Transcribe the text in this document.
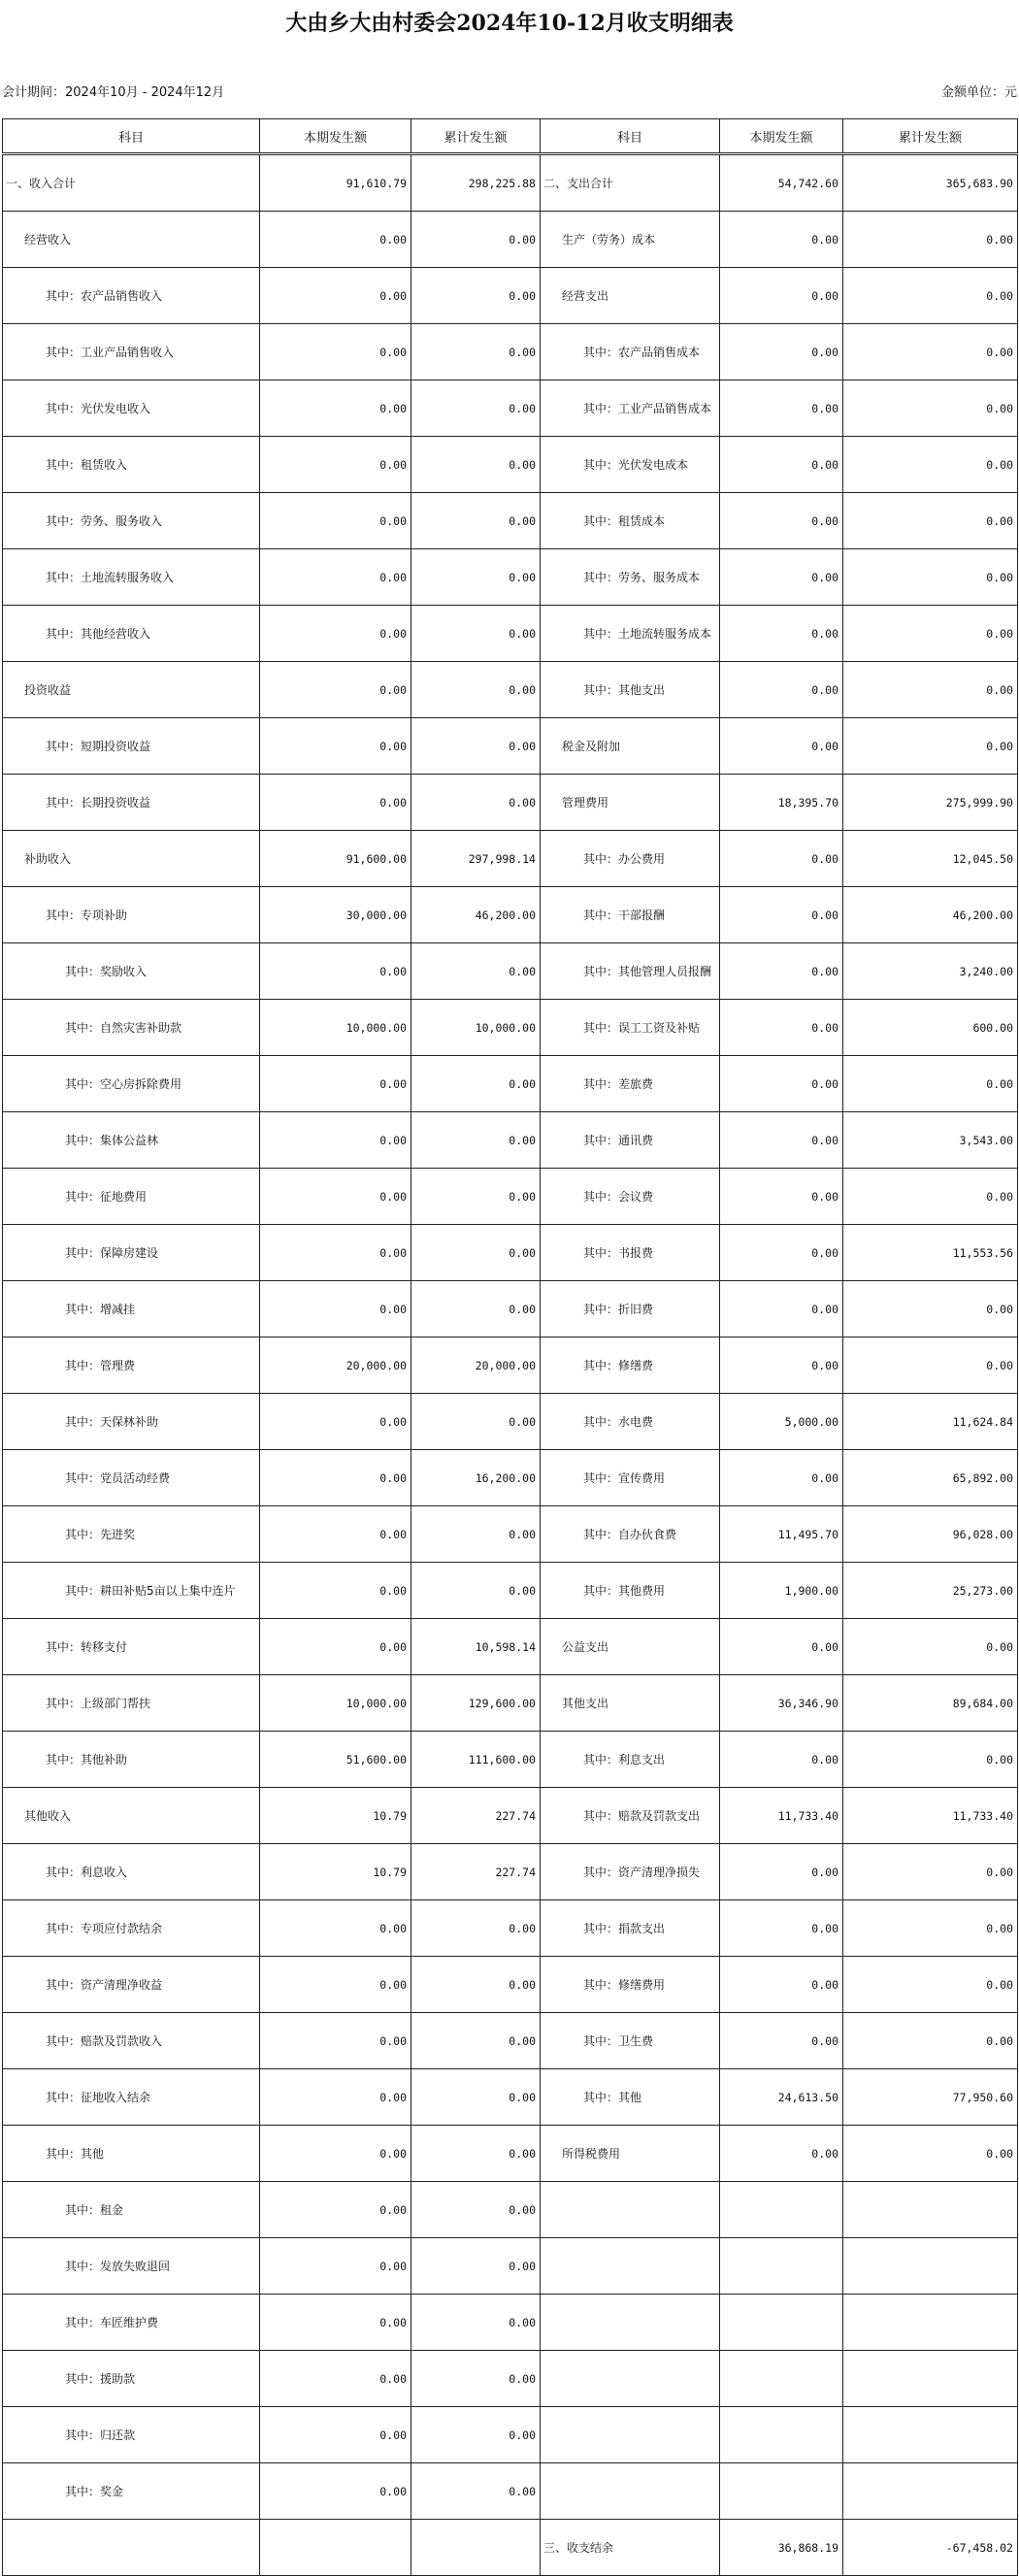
大由乡大由村委会2024年10-12月收支明细表
会计期间：2024年10月 - 2024年12月	金额单位：元
科目	本期发生额	累计发生额	科目	本期发生额	累计发生额
一、收入合计	91,610.79	298,225.88	二、支出合计	54,742.60	365,683.90
经营收入	0.00	0.00	生产（劳务）成本	0.00	0.00
其中：农产品销售收入	0.00	0.00	经营支出	0.00	0.00
其中：工业产品销售收入	0.00	0.00	其中：农产品销售成本	0.00	0.00
其中：光伏发电收入	0.00	0.00	其中：工业产品销售成本	0.00	0.00
其中：租赁收入	0.00	0.00	其中：光伏发电成本	0.00	0.00
其中：劳务、服务收入	0.00	0.00	其中：租赁成本	0.00	0.00
其中：土地流转服务收入	0.00	0.00	其中：劳务、服务成本	0.00	0.00
其中：其他经营收入	0.00	0.00	其中：土地流转服务成本	0.00	0.00
投资收益	0.00	0.00	其中：其他支出	0.00	0.00
其中：短期投资收益	0.00	0.00	税金及附加	0.00	0.00
其中：长期投资收益	0.00	0.00	管理费用	18,395.70	275,999.90
补助收入	91,600.00	297,998.14	其中：办公费用	0.00	12,045.50
其中：专项补助	30,000.00	46,200.00	其中：干部报酬	0.00	46,200.00
其中：奖励收入	0.00	0.00	其中：其他管理人员报酬	0.00	3,240.00
其中：自然灾害补助款	10,000.00	10,000.00	其中：误工工资及补贴	0.00	600.00
其中：空心房拆除费用	0.00	0.00	其中：差旅费	0.00	0.00
其中：集体公益林	0.00	0.00	其中：通讯费	0.00	3,543.00
其中：征地费用	0.00	0.00	其中：会议费	0.00	0.00
其中：保障房建设	0.00	0.00	其中：书报费	0.00	11,553.56
其中：增减挂	0.00	0.00	其中：折旧费	0.00	0.00
其中：管理费	20,000.00	20,000.00	其中：修缮费	0.00	0.00
其中：天保林补助	0.00	0.00	其中：水电费	5,000.00	11,624.84
其中：党员活动经费	0.00	16,200.00	其中：宣传费用	0.00	65,892.00
其中：先进奖	0.00	0.00	其中：自办伙食费	11,495.70	96,028.00
其中：耕田补贴5亩以上集中连片	0.00	0.00	其中：其他费用	1,900.00	25,273.00
其中：转移支付	0.00	10,598.14	公益支出	0.00	0.00
其中：上级部门帮扶	10,000.00	129,600.00	其他支出	36,346.90	89,684.00
其中：其他补助	51,600.00	111,600.00	其中：利息支出	0.00	0.00
其他收入	10.79	227.74	其中：赔款及罚款支出	11,733.40	11,733.40
其中：利息收入	10.79	227.74	其中：资产清理净损失	0.00	0.00
其中：专项应付款结余	0.00	0.00	其中：捐款支出	0.00	0.00
其中：资产清理净收益	0.00	0.00	其中：修缮费用	0.00	0.00
其中：赔款及罚款收入	0.00	0.00	其中：卫生费	0.00	0.00
其中：征地收入结余	0.00	0.00	其中：其他	24,613.50	77,950.60
其中：其他	0.00	0.00	所得税费用	0.00	0.00
其中：租金	0.00	0.00			
其中：发放失败退回	0.00	0.00			
其中：车匠维护费	0.00	0.00			
其中：援助款	0.00	0.00			
其中：归还款	0.00	0.00			
其中：奖金	0.00	0.00			
			三、收支结余	36,868.19	-67,458.02
